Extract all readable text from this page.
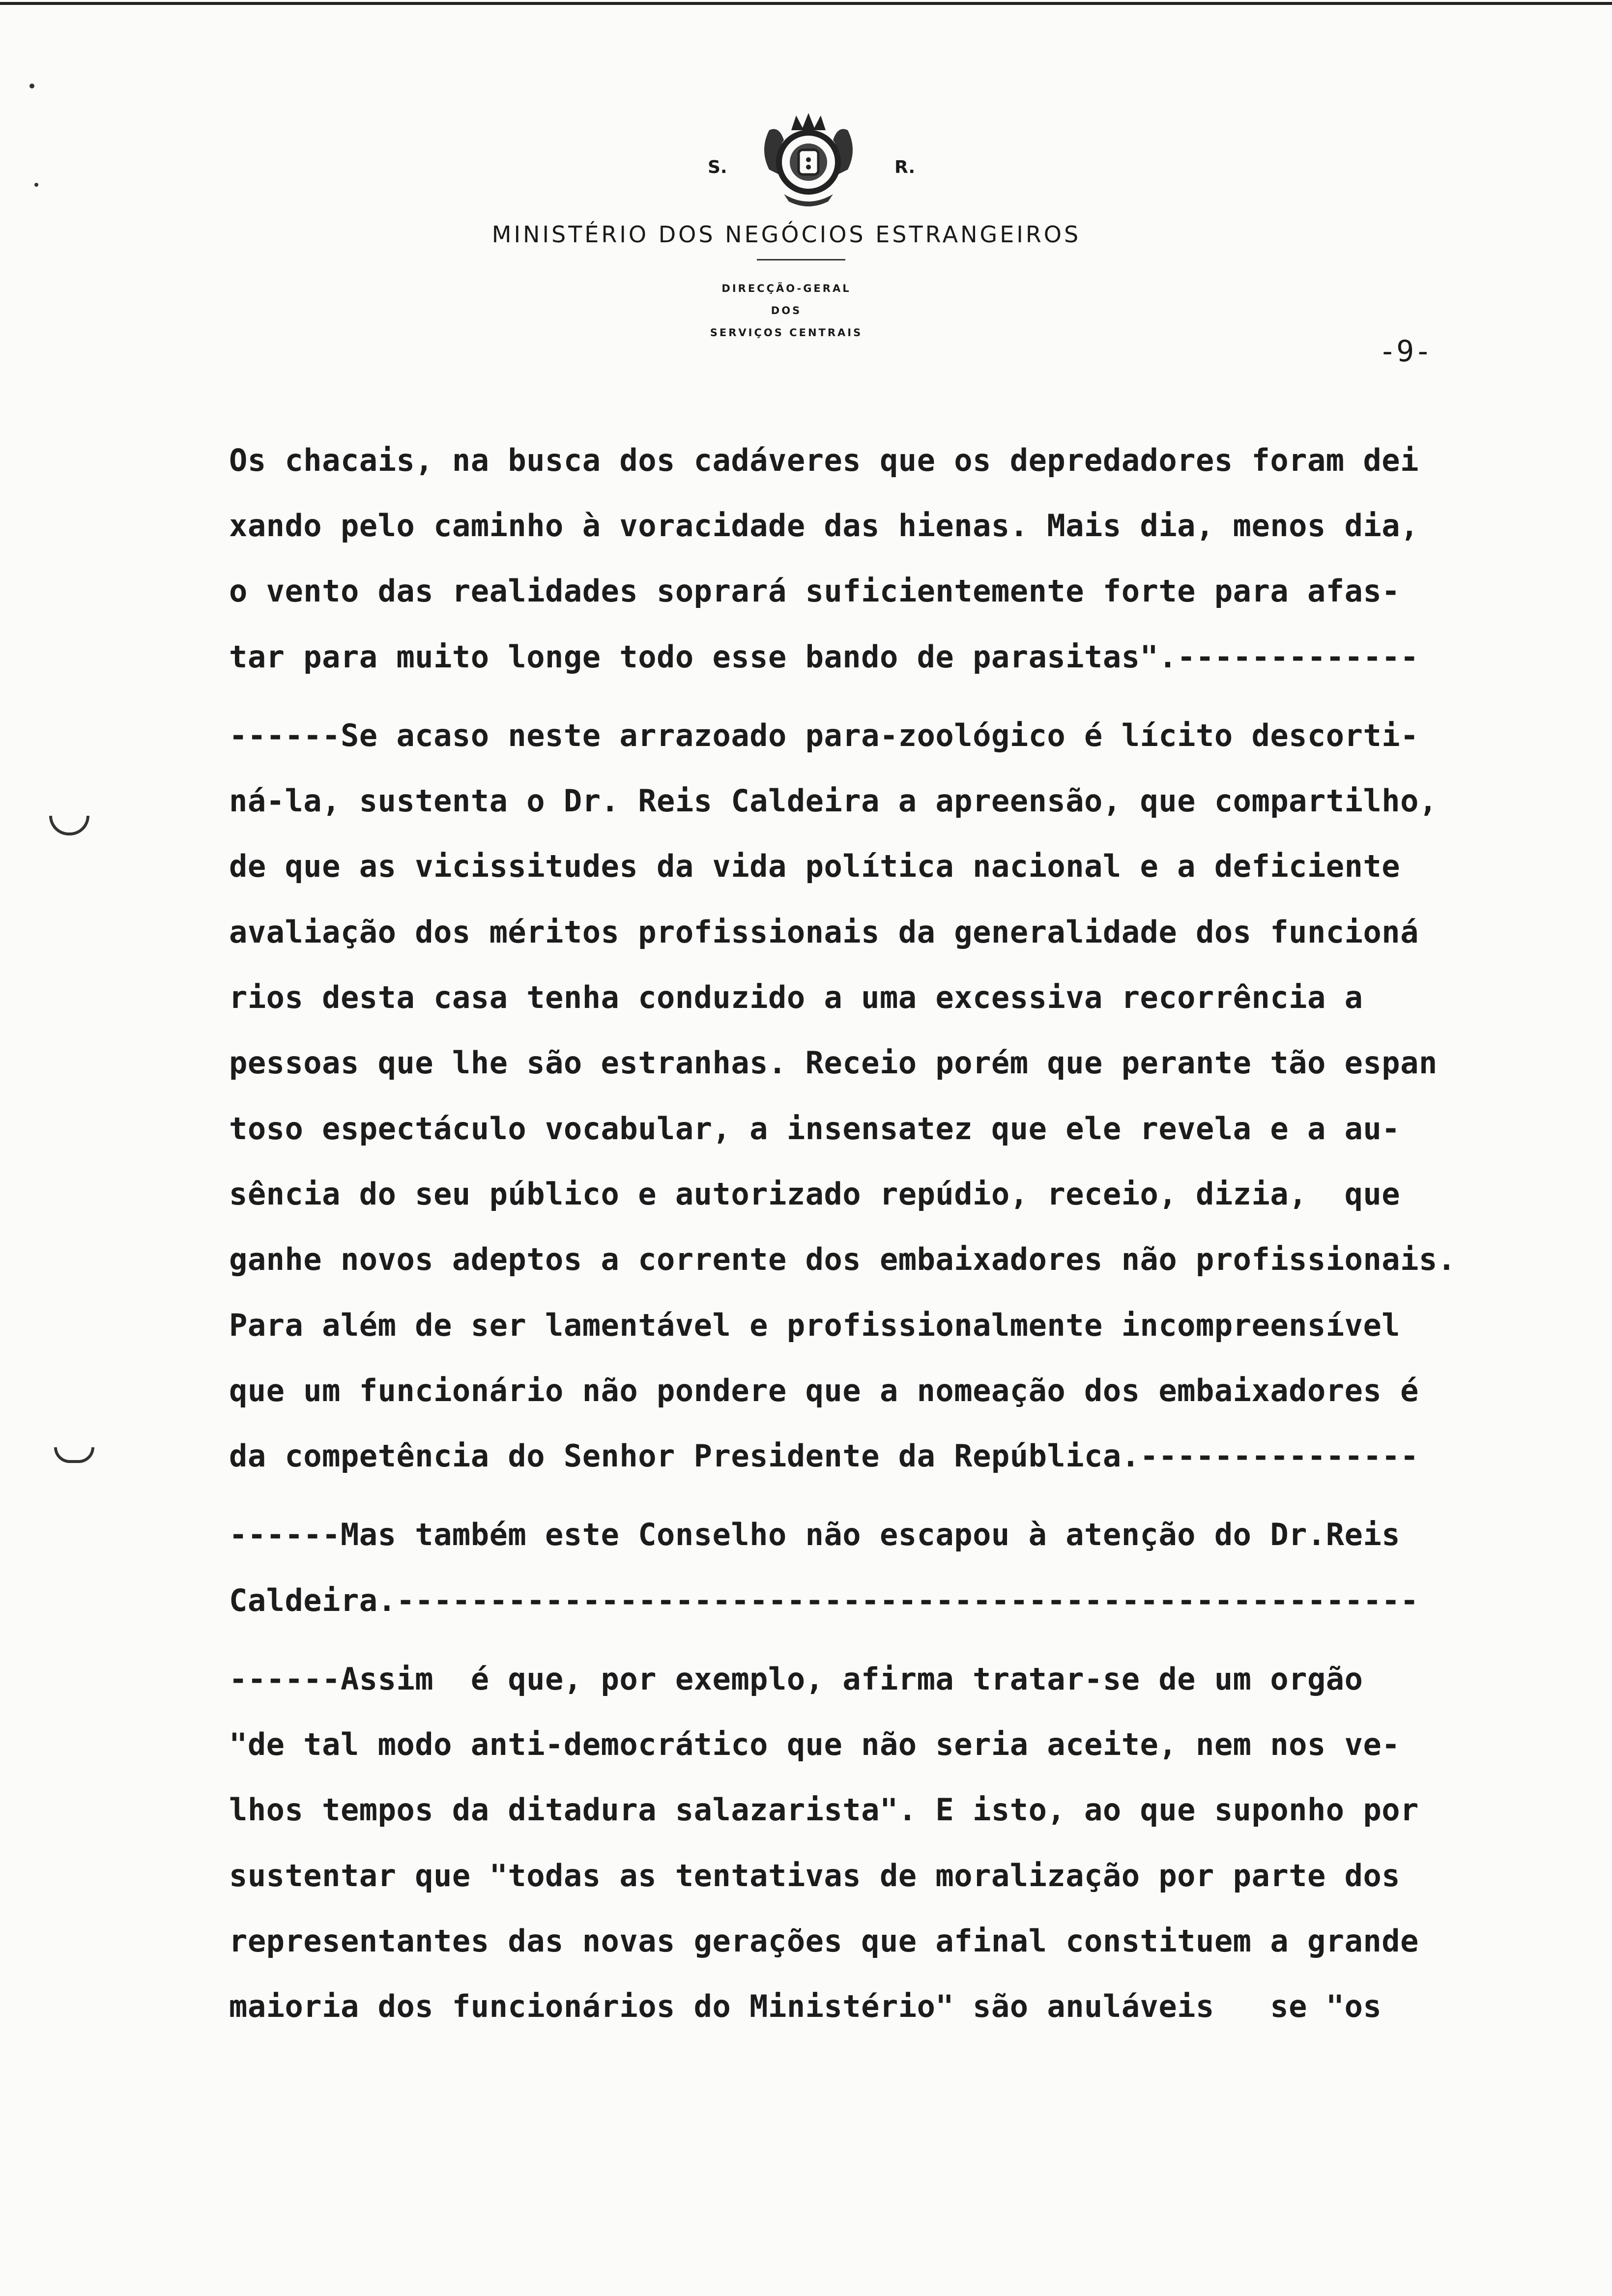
S.	R.
MINISTÉRIO DOS NEGÓCIOS ESTRANGEIROS
DIRECÇÃO-GERAL
DOS
SERVIÇOS CENTRAIS
-9-
Os chacais, na busca dos cadáveres que os depredadores foram dei
xando pelo caminho à voracidade das hienas. Mais dia, menos dia,
o vento das realidades soprará suficientemente forte para afas-
tar para muito longe todo esse bando de parasitas".-------------
------Se acaso neste arrazoado para-zoológico é lícito descorti-
ná-la, sustenta o Dr. Reis Caldeira a apreensão, que compartilho,
de que as vicissitudes da vida política nacional e a deficiente
avaliação dos méritos profissionais da generalidade dos funcioná
rios desta casa tenha conduzido a uma excessiva recorrência a
pessoas que lhe são estranhas. Receio porém que perante tão espan
toso espectáculo vocabular, a insensatez que ele revela e a au-
sência do seu público e autorizado repúdio, receio, dizia,  que
ganhe novos adeptos a corrente dos embaixadores não profissionais.
Para além de ser lamentável e profissionalmente incompreensível
que um funcionário não pondere que a nomeação dos embaixadores é
da competência do Senhor Presidente da República.---------------
------Mas também este Conselho não escapou à atenção do Dr.Reis
Caldeira.-------------------------------------------------------
------Assim  é que, por exemplo, afirma tratar-se de um orgão
"de tal modo anti-democrático que não seria aceite, nem nos ve-
lhos tempos da ditadura salazarista". E isto, ao que suponho por
sustentar que "todas as tentativas de moralização por parte dos
representantes das novas gerações que afinal constituem a grande
maioria dos funcionários do Ministério" são anuláveis   se "os
